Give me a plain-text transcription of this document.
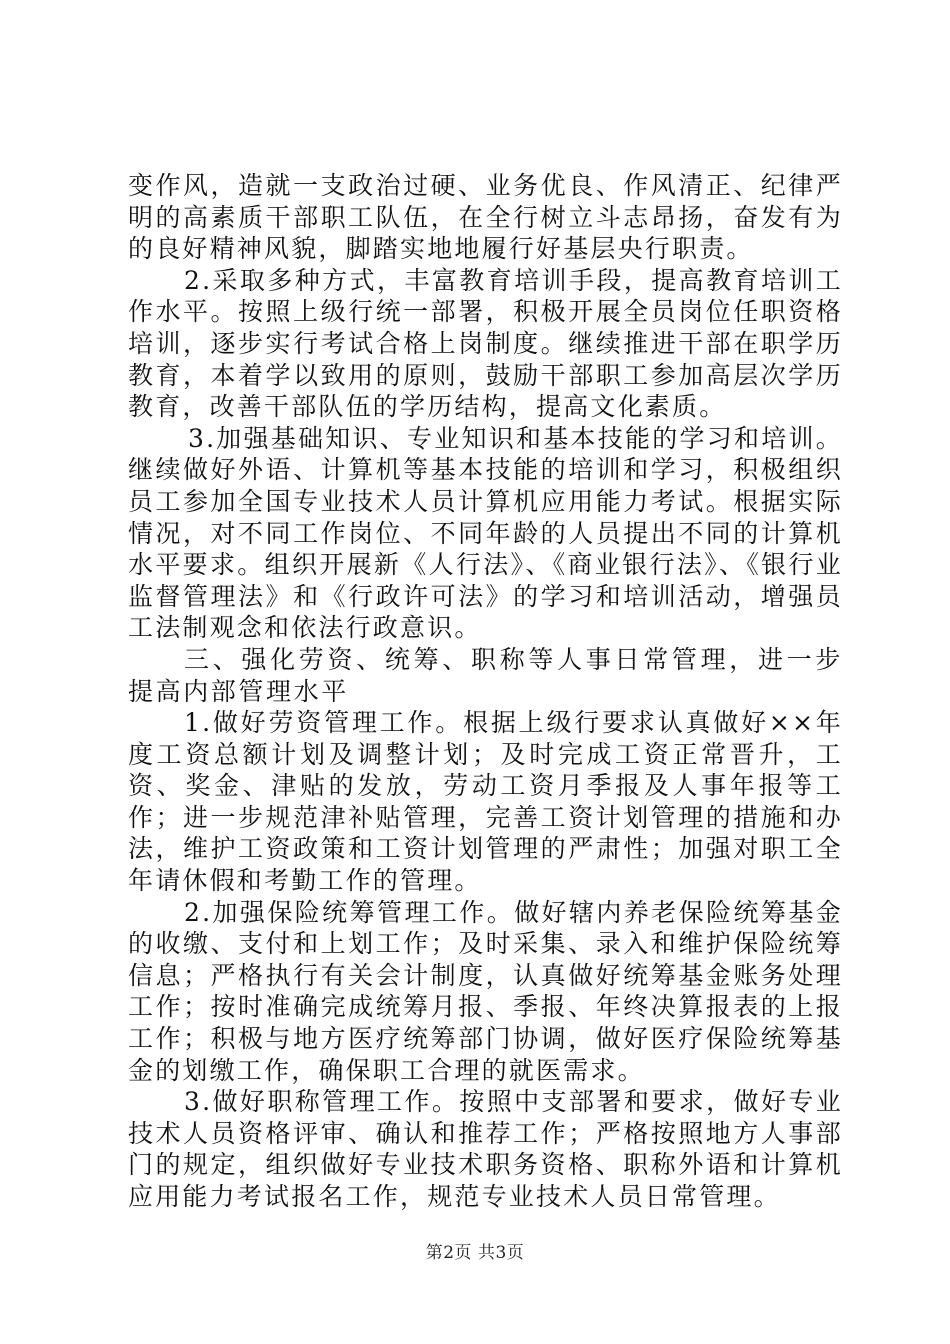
变作风，造就一支政治过硬、业务优良、作风清正、纪律严明的高素质干部职工队伍，在全行树立斗志昂扬，奋发有为的良好精神风貌，脚踏实地地履行好基层央行职责。

2.采取多种方式，丰富教育培训手段，提高教育培训工作水平。按照上级行统一部署，积极开展全员岗位任职资格培训，逐步实行考试合格上岗制度。继续推进干部在职学历教育，本着学以致用的原则，鼓励干部职工参加高层次学历教育，改善干部队伍的学历结构，提高文化素质。

3.加强基础知识、专业知识和基本技能的学习和培训。继续做好外语、计算机等基本技能的培训和学习，积极组织员工参加全国专业技术人员计算机应用能力考试。根据实际情况，对不同工作岗位、不同年龄的人员提出不同的计算机水平要求。组织开展新《人行法》、《商业银行法》、《银行业监督管理法》和《行政许可法》的学习和培训活动，增强员工法制观念和依法行政意识。

三、强化劳资、统筹、职称等人事日常管理，进一步提高内部管理水平

1.做好劳资管理工作。根据上级行要求认真做好××年度工资总额计划及调整计划；及时完成工资正常晋升，工资、奖金、津贴的发放，劳动工资月季报及人事年报等工作；进一步规范津补贴管理，完善工资计划管理的措施和办法，维护工资政策和工资计划管理的严肃性；加强对职工全年请休假和考勤工作的管理。

2.加强保险统筹管理工作。做好辖内养老保险统筹基金的收缴、支付和上划工作；及时采集、录入和维护保险统筹信息；严格执行有关会计制度，认真做好统筹基金账务处理工作；按时准确完成统筹月报、季报、年终决算报表的上报工作；积极与地方医疗统筹部门协调，做好医疗保险统筹基金的划缴工作，确保职工合理的就医需求。

3.做好职称管理工作。按照中支部署和要求，做好专业技术人员资格评审、确认和推荐工作；严格按照地方人事部门的规定，组织做好专业技术职务资格、职称外语和计算机应用能力考试报名工作，规范专业技术人员日常管理。

第2页 共3页
